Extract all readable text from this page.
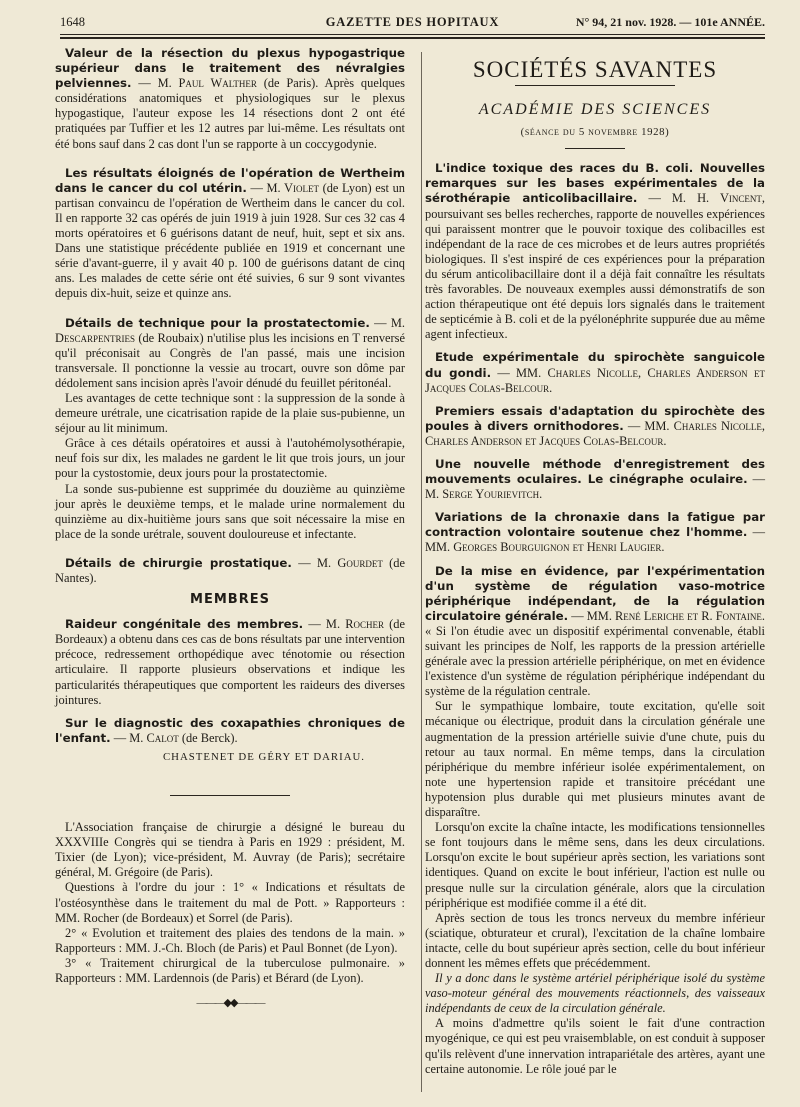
1648	GAZETTE DES HOPITAUX	N° 94, 21 nov. 1928. — 101e ANNÉE.

Valeur de la résection du plexus hypogastrique supérieur dans le traitement des névralgies pelviennes. — M. Paul Walther (de Paris). Après quelques considérations anatomiques et physiologiques sur le plexus hypogastique, l'auteur expose les 14 résections dont 2 ont été pratiquées par Tuffier et les 12 autres par lui-même. Les résultats ont été bons sauf dans 2 cas dont l'un se rapporte à un coccygodynie.

Les résultats éloignés de l'opération de Wertheim dans le cancer du col utérin. — M. Violet (de Lyon) est un partisan convaincu de l'opération de Wertheim dans le cancer du col. Il en rapporte 32 cas opérés de juin 1919 à juin 1928. Sur ces 32 cas 4 morts opératoires et 6 guérisons datant de neuf, huit, sept et six ans. Dans une statistique précédente publiée en 1919 et concernant une série d'avant-guerre, il y avait 40 p. 100 de guérisons datant de cinq ans. Les malades de cette série ont été suivies, 6 sur 9 sont vivantes depuis dix-huit, seize et quinze ans.

Détails de technique pour la prostatectomie. — M. Descarpentries (de Roubaix) n'utilise plus les incisions en T renversé qu'il préconisait au Congrès de l'an passé, mais une incision transversale. Il ponctionne la vessie au trocart, ouvre son dôme par dédolement sans incision après l'avoir dénudé du feuillet péritonéal.

Les avantages de cette technique sont : la suppression de la sonde à demeure urétrale, une cicatrisation rapide de la plaie sus-pubienne, un séjour au lit minimum.

Grâce à ces détails opératoires et aussi à l'autohémolysothérapie, neuf fois sur dix, les malades ne gardent le lit que trois jours, un jour pour la cystostomie, deux jours pour la prostatectomie.

La sonde sus-pubienne est supprimée du douzième au quinzième jour après le deuxième temps, et le malade urine normalement du quinzième au dix-huitième jours sans que soit nécessaire la mise en place de la sonde urétrale, souvent douloureuse et infectante.

Détails de chirurgie prostatique. — M. Gourdet (de Nantes).

MEMBRES

Raideur congénitale des membres. — M. Rocher (de Bordeaux) a obtenu dans ces cas de bons résultats par une intervention précoce, redressement orthopédique avec ténotomie ou résection articulaire. Il rapporte plusieurs observations et indique les particularités thérapeutiques que comportent les raideurs des diverses jointures.

Sur le diagnostic des coxapathies chroniques de l'enfant. — M. Calot (de Berck).

CHASTENET DE GÉRY ET DARIAU.

L'Association française de chirurgie a désigné le bureau du XXXVIIIe Congrès qui se tiendra à Paris en 1929 : président, M. Tixier (de Lyon); vice-président, M. Auvray (de Paris); secrétaire général, M. Grégoire (de Paris).

Questions à l'ordre du jour : 1° « Indications et résultats de l'ostéosynthèse dans le traitement du mal de Pott. » Rapporteurs : MM. Rocher (de Bordeaux) et Sorrel (de Paris).

2° « Evolution et traitement des plaies des tendons de la main. » Rapporteurs : MM. J.-Ch. Bloch (de Paris) et Paul Bonnet (de Lyon).

3° « Traitement chirurgical de la tuberculose pulmonaire. » Rapporteurs : MM. Lardennois (de Paris) et Bérard (de Lyon).

———◆◆———
SOCIÉTÉS SAVANTES
ACADÉMIE DES SCIENCES
(séance du 5 novembre 1928)

L'indice toxique des races du B. coli. Nouvelles remarques sur les bases expérimentales de la sérothérapie anticolibacillaire. — M. H. Vincent, poursuivant ses belles recherches, rapporte de nouvelles expériences qui paraissent montrer que le pouvoir toxique des colibacilles est indépendant de la race de ces microbes et de leurs autres propriétés biologiques. Il s'est inspiré de ces expériences pour la préparation du sérum anticolibacillaire dont il a déjà fait connaître les résultats très favorables. De nouveaux exemples aussi démonstratifs de son action thérapeutique ont été depuis lors signalés dans le traitement de septicémie à B. coli et de la pyélonéphrite suppurée due au même agent infectieux.

Etude expérimentale du spirochète sanguicole du gondi. — MM. Charles Nicolle, Charles Anderson et Jacques Colas-Belcour.

Premiers essais d'adaptation du spirochète des poules à divers ornithodores. — MM. Charles Nicolle, Charles Anderson et Jacques Colas-Belcour.

Une nouvelle méthode d'enregistrement des mouvements oculaires. Le cinégraphe oculaire. — M. Serge Yourievitch.

Variations de la chronaxie dans la fatigue par contraction volontaire soutenue chez l'homme. — MM. Georges Bourguignon et Henri Laugier.

De la mise en évidence, par l'expérimentation d'un système de régulation vaso-motrice périphérique indépendant, de la régulation circulatoire générale. — MM. René Leriche et R. Fontaine. « Si l'on étudie avec un dispositif expérimental convenable, établi suivant les principes de Nolf, les rapports de la pression artérielle générale avec la pression artérielle périphérique, on met en évidence l'existence d'un système de régulation périphérique indépendant du système de la régulation centrale.

Sur le sympathique lombaire, toute excitation, qu'elle soit mécanique ou électrique, produit dans la circulation générale une augmentation de la pression artérielle suivie d'une chute, puis du retour au taux normal. En même temps, dans la circulation périphérique du membre inférieur isolée expérimentalement, on note une hypertension rapide et transitoire précédant une hypotension plus durable qui met plusieurs minutes avant de disparaître.

Lorsqu'on excite la chaîne intacte, les modifications tensionnelles se font toujours dans le même sens, dans les deux circulations. Lorsqu'on excite le bout supérieur après section, les variations sont identiques. Quand on excite le bout inférieur, l'action est nulle ou presque nulle sur la circulation générale, alors que la circulation périphérique est modifiée comme il a été dit.

Après section de tous les troncs nerveux du membre inférieur (sciatique, obturateur et crural), l'excitation de la chaîne lombaire intacte, celle du bout supérieur après section, celle du bout inférieur donnent les mêmes effets que précédemment.

Il y a donc dans le système artériel périphérique isolé du système vaso-moteur général des mouvements réactionnels, des vaisseaux indépendants de ceux de la circulation générale.

A moins d'admettre qu'ils soient le fait d'une contraction myogénique, ce qui est peu vraisemblable, on est conduit à supposer qu'ils relèvent d'une innervation intrapariétale des artères, ayant une certaine autonomie. Le rôle joué par le
